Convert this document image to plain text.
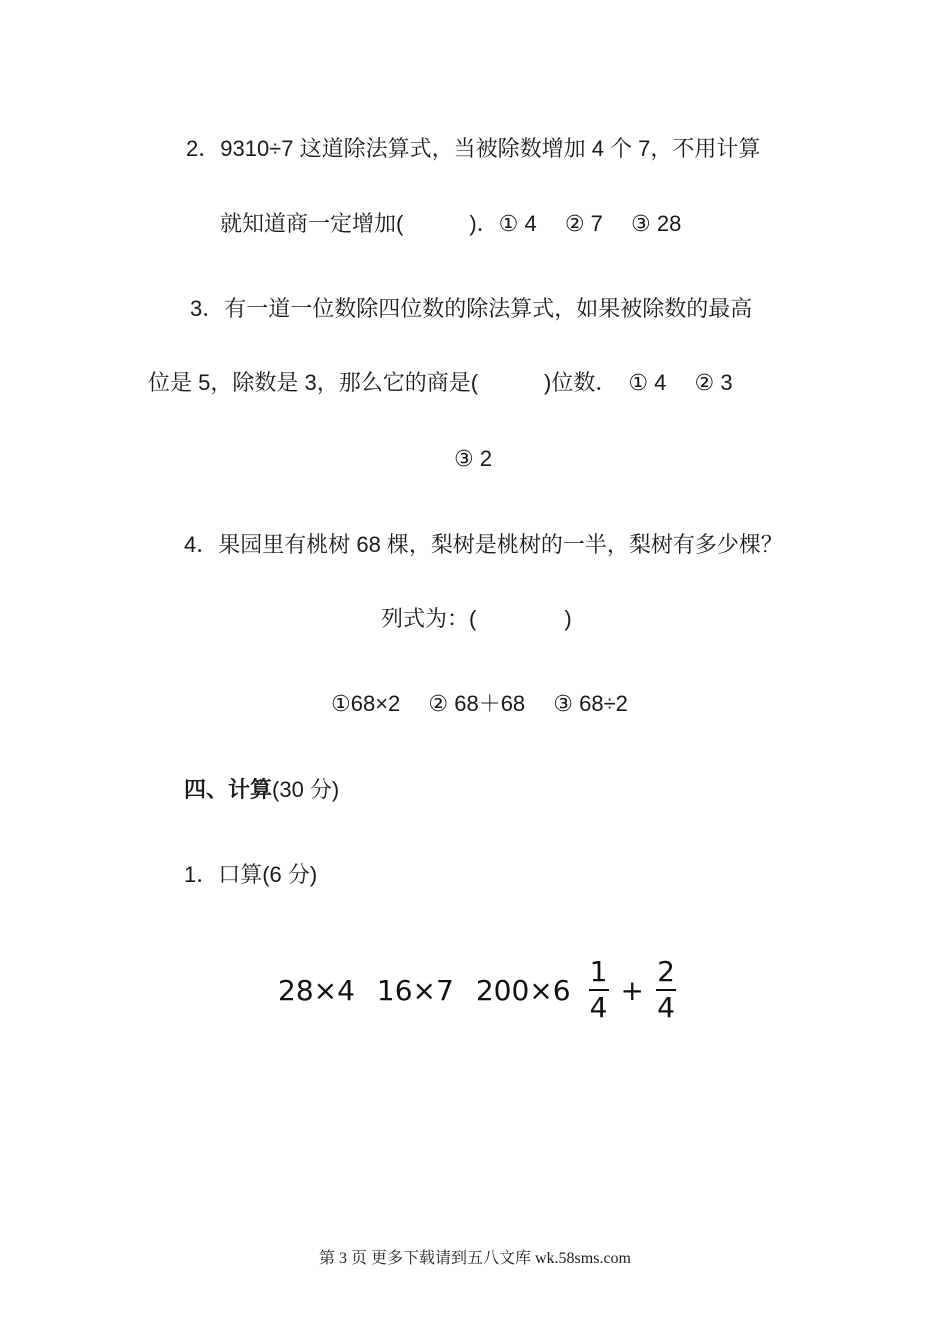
2．9310÷7 这道除法算式，当被除数增加 4 个 7，不用计算
就知道商一定增加(　　　)．① 4　 ② 7　 ③ 28
3．有一道一位数除四位数的除法算式，如果被除数的最高
位是 5，除数是 3，那么它的商是(　　　)位数．　① 4　 ② 3
③ 2
4．果园里有桃树 68 棵，梨树是桃树的一半，梨树有多少棵？
列式为：(　　　　)
①68×2　 ② 68＋68　 ③ 68÷2
四、计算(30 分)
1．口算(6 分)
28×4 16×7 $200\times 6 \frac{1}{4} + \frac{2}{4}$
第 3 页 更多下载请到五八文库 wk.58sms.com
